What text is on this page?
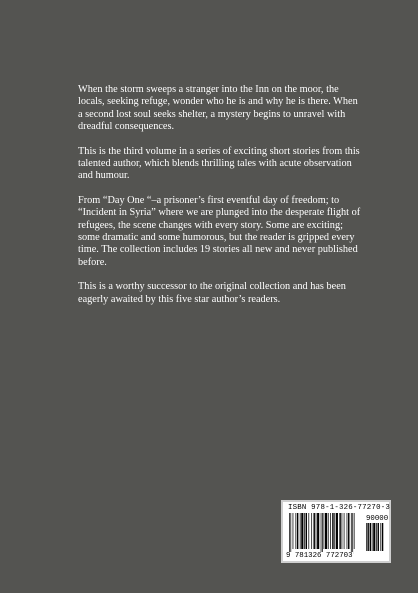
When the storm sweeps a stranger into the Inn on the moor, the locals, seeking refuge, wonder who he is and why he is there. When a second lost soul seeks shelter, a mystery begins to unravel with dreadful consequences.

This is the third volume in a series of exciting short stories from this talented author, which blends thrilling tales with acute observation and humour.

From “Day One “–a prisoner’s first eventful day of freedom; to “Incident in Syria” where we are plunged into the desperate flight of refugees, the scene changes with every story. Some are exciting; some dramatic and some humorous, but the reader is gripped every time. The collection includes 19 stories all new and never published before.

This is a worthy successor to the original collection and has been eagerly awaited by this five star author’s readers.

ISBN 978-1-326-77270-3
90000
9 781326 772703
